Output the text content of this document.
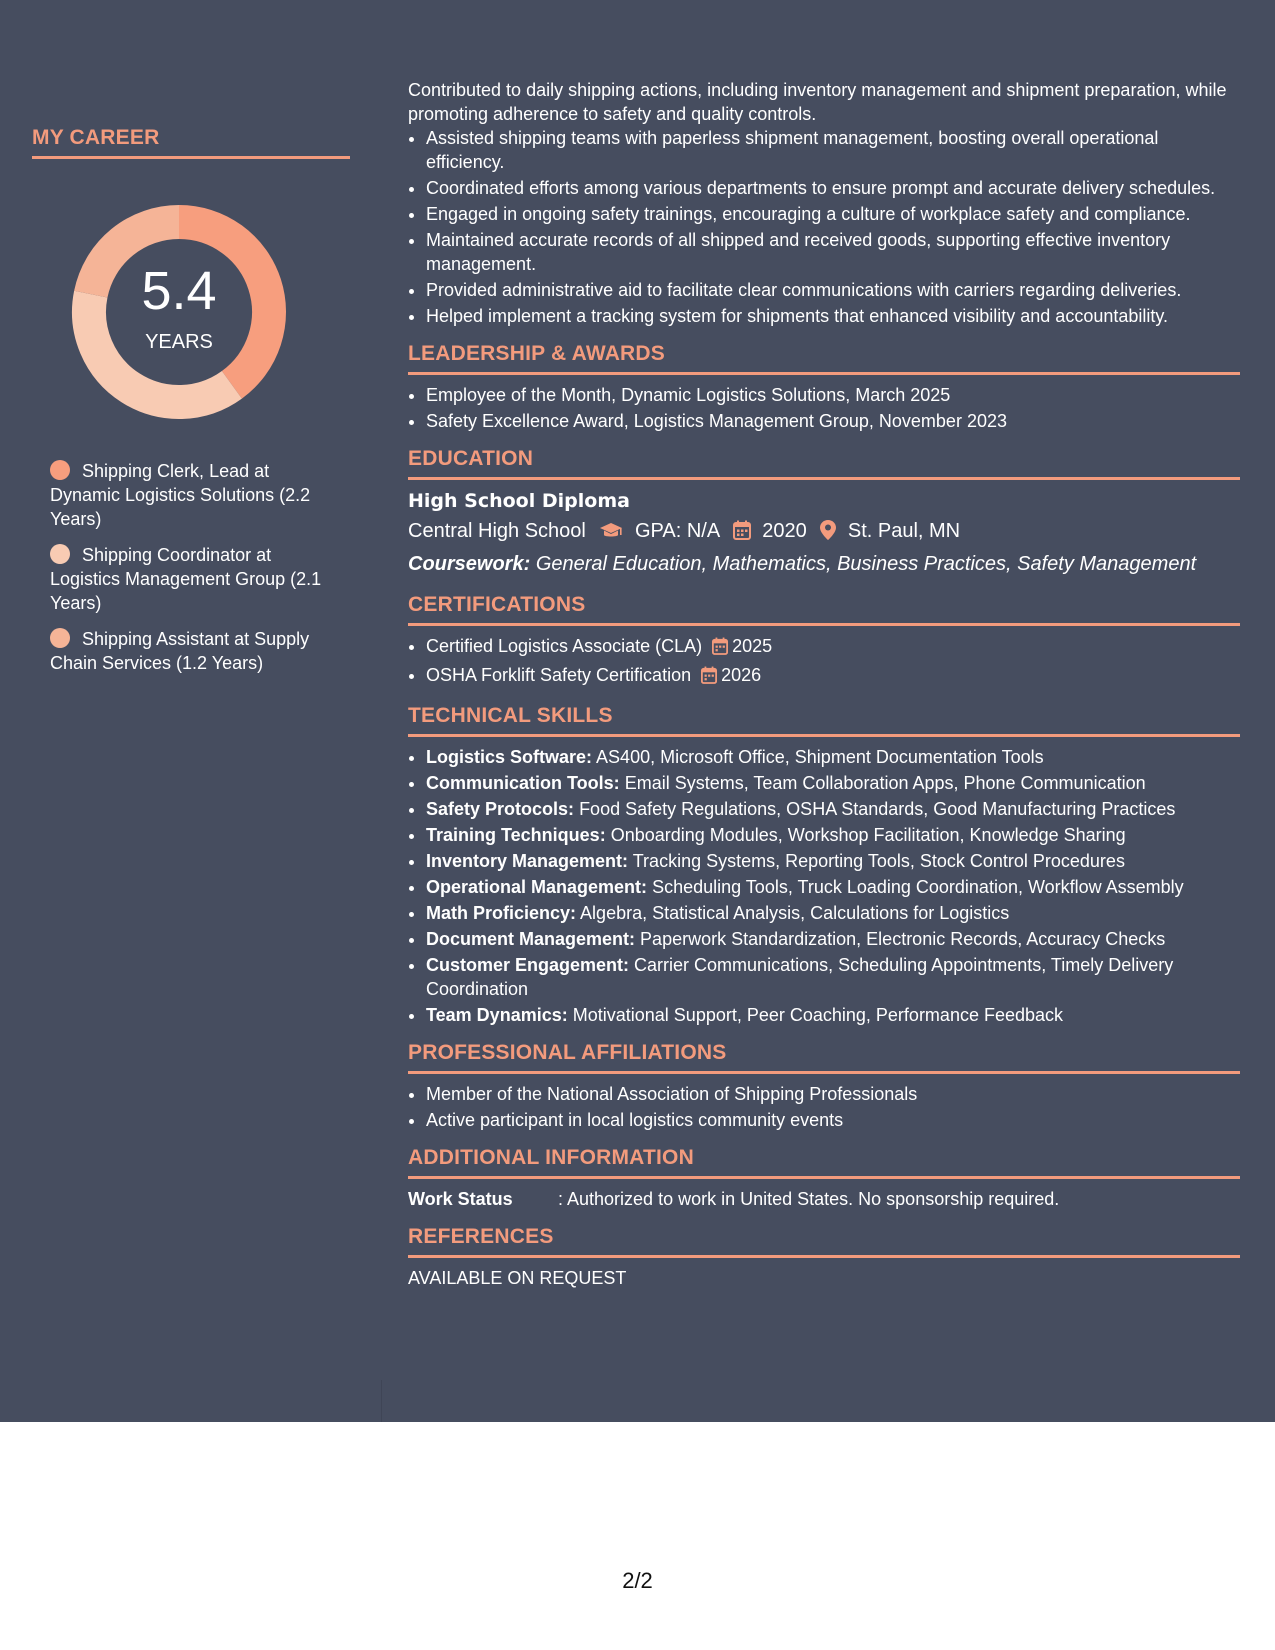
MY CAREER
5.4
YEARS
Shipping Clerk, Lead at Dynamic Logistics Solutions (2.2 Years)
Shipping Coordinator at Logistics Management Group (2.1 Years)
Shipping Assistant at Supply Chain Services (1.2 Years)

Contributed to daily shipping actions, including inventory management and shipment preparation, while promoting adherence to safety and quality controls.

• Assisted shipping teams with paperless shipment management, boosting overall operational efficiency.
• Coordinated efforts among various departments to ensure prompt and accurate delivery schedules.
• Engaged in ongoing safety trainings, encouraging a culture of workplace safety and compliance.
• Maintained accurate records of all shipped and received goods, supporting effective inventory management.
• Provided administrative aid to facilitate clear communications with carriers regarding deliveries.
• Helped implement a tracking system for shipments that enhanced visibility and accountability.
LEADERSHIP & AWARDS
• Employee of the Month, Dynamic Logistics Solutions, March 2025
• Safety Excellence Award, Logistics Management Group, November 2023
EDUCATION
High School Diploma
Central High School GPA: N/A 2020 St. Paul, MN
Coursework: General Education, Mathematics, Business Practices, Safety Management
CERTIFICATIONS
• Certified Logistics Associate (CLA) 2025
• OSHA Forklift Safety Certification 2026
TECHNICAL SKILLS
• Logistics Software: AS400, Microsoft Office, Shipment Documentation Tools
• Communication Tools: Email Systems, Team Collaboration Apps, Phone Communication
• Safety Protocols: Food Safety Regulations, OSHA Standards, Good Manufacturing Practices
• Training Techniques: Onboarding Modules, Workshop Facilitation, Knowledge Sharing
• Inventory Management: Tracking Systems, Reporting Tools, Stock Control Procedures
• Operational Management: Scheduling Tools, Truck Loading Coordination, Workflow Assembly
• Math Proficiency: Algebra, Statistical Analysis, Calculations for Logistics
• Document Management: Paperwork Standardization, Electronic Records, Accuracy Checks
• Customer Engagement: Carrier Communications, Scheduling Appointments, Timely Delivery Coordination
• Team Dynamics: Motivational Support, Peer Coaching, Performance Feedback
PROFESSIONAL AFFILIATIONS
• Member of the National Association of Shipping Professionals
• Active participant in local logistics community events
ADDITIONAL INFORMATION
Work Status	: Authorized to work in United States. No sponsorship required.
REFERENCES
AVAILABLE ON REQUEST
2/2
